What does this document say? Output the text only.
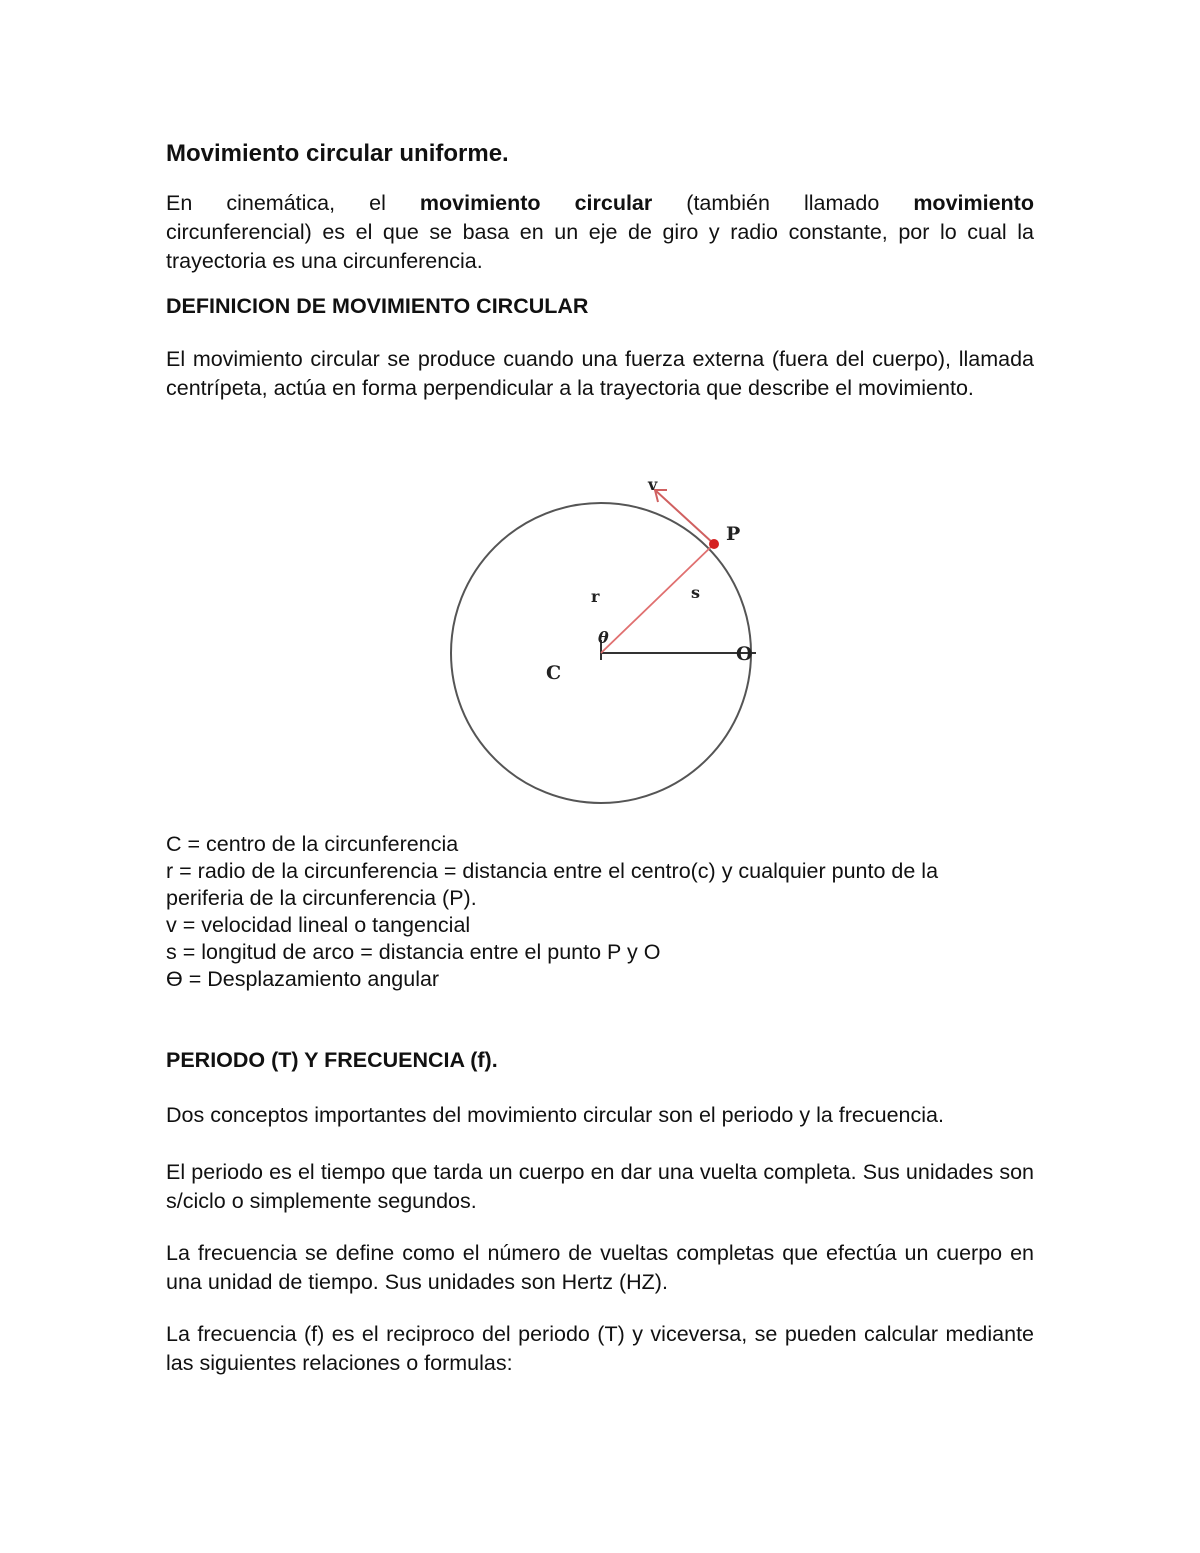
Movimiento circular uniforme.

En cinemática, el movimiento circular (también llamado movimiento
circunferencial) es el que se basa en un eje de giro y radio constante, por lo cual la trayectoria es una circunferencia.

DEFINICION DE MOVIMIENTO CIRCULAR

El movimiento circular se produce cuando una fuerza externa (fuera del cuerpo), llamada centrípeta, actúa en forma perpendicular a la trayectoria que describe el movimiento.

v
P
r	s
θ
C
O
C = centro de la circunferencia
r = radio de la circunferencia = distancia entre el centro(c) y cualquier punto de la
periferia de la circunferencia (P).
v = velocidad lineal o tangencial
s = longitud de arco = distancia entre el punto P y O
Ө = Desplazamiento angular
PERIODO (T) Y FRECUENCIA (f).

Dos conceptos importantes del movimiento circular son el periodo y la frecuencia.

El periodo es el tiempo que tarda un cuerpo en dar una vuelta completa. Sus unidades son s/ciclo o simplemente segundos.

La frecuencia se define como el número de vueltas completas que efectúa un cuerpo en una unidad de tiempo. Sus unidades son Hertz (HZ).

La frecuencia (f) es el reciproco del periodo (T) y viceversa, se pueden calcular mediante las siguientes relaciones o formulas:
